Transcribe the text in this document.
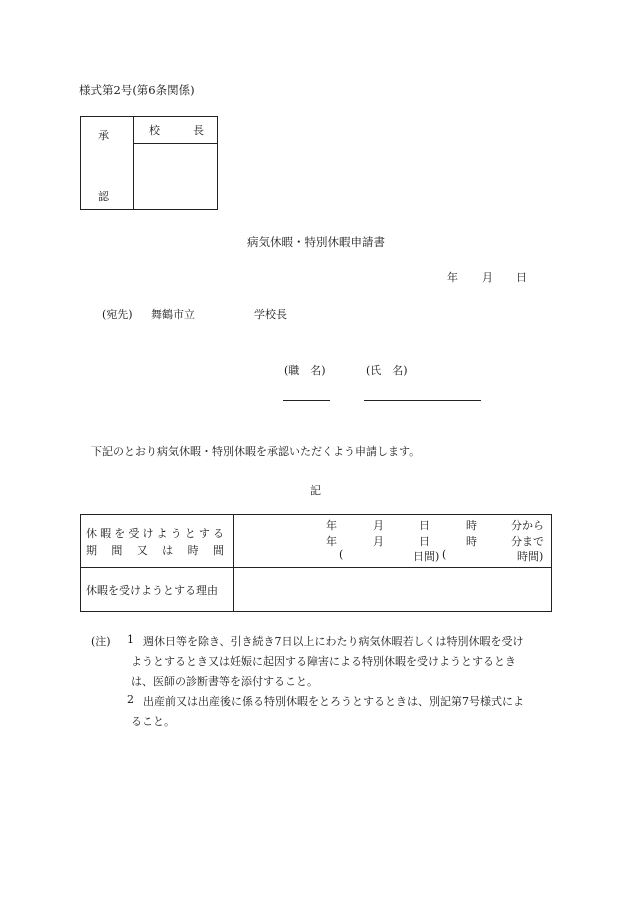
様式第2号(第6条関係)
承
認
校	長
病気休暇・特別休暇申請書
年 月 日
(宛先) 舞鶴市立	学校長
(職　名)	(氏　名)
下記のとおり病気休暇・特別休暇を承認いただくよう申請します。
記
休 暇 を 受 け よ う と す る
期 間 又 は 時 間
年	月	日	時	分から
年	月	日	時	分まで
(	日間) (	時間)
休暇を受けようとする理由
(注) 1 週休日等を除き、引き続き7日以上にわたり病気休暇若しくは特別休暇を受け
ようとするとき又は妊娠に起因する障害による特別休暇を受けようとするとき
は、医師の診断書等を添付すること。
2 出産前又は出産後に係る特別休暇をとろうとするときは、別記第7号様式によ
ること。
